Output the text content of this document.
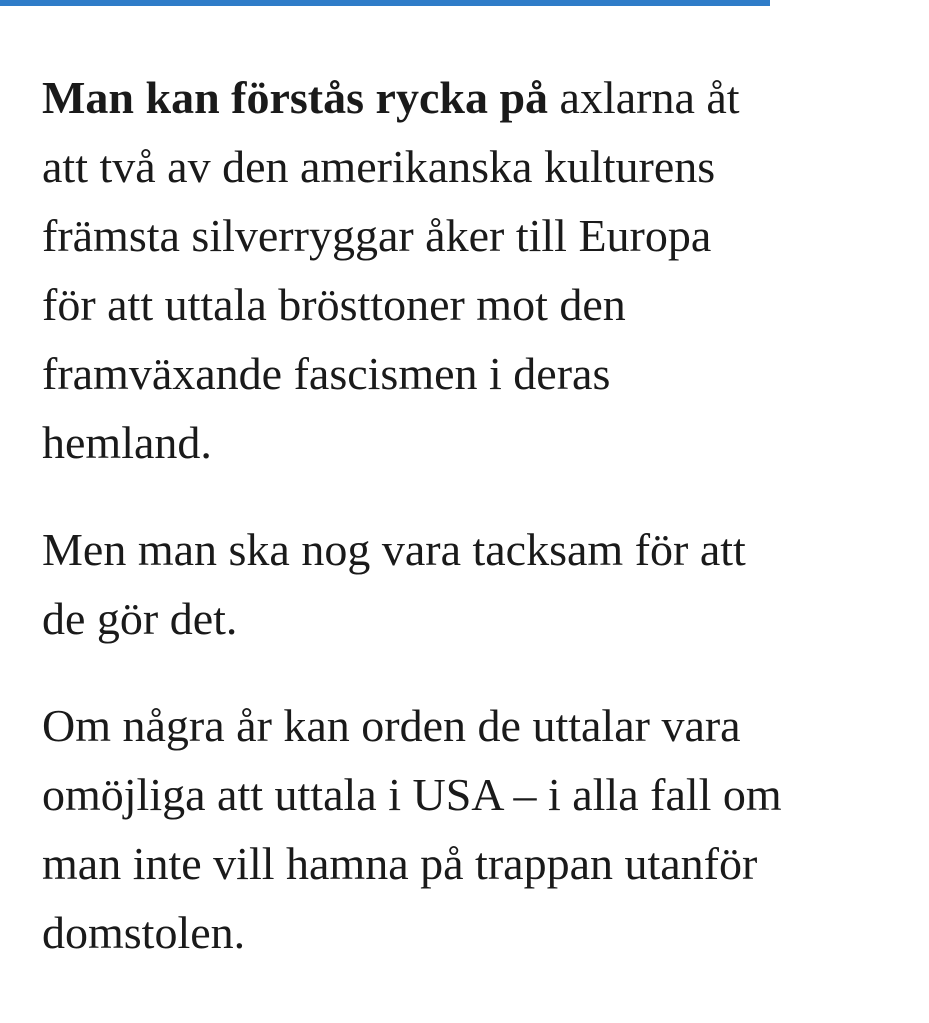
Man kan förstås rycka på axlarna åt
att två av den amerikanska kulturens
främsta silverryggar åker till Europa
för att uttala brösttoner mot den
framväxande fascismen i deras
hemland.

Men man ska nog vara tacksam för att
de gör det.

Om några år kan orden de uttalar vara
omöjliga att uttala i USA – i alla fall om
man inte vill hamna på trappan utanför
domstolen.
